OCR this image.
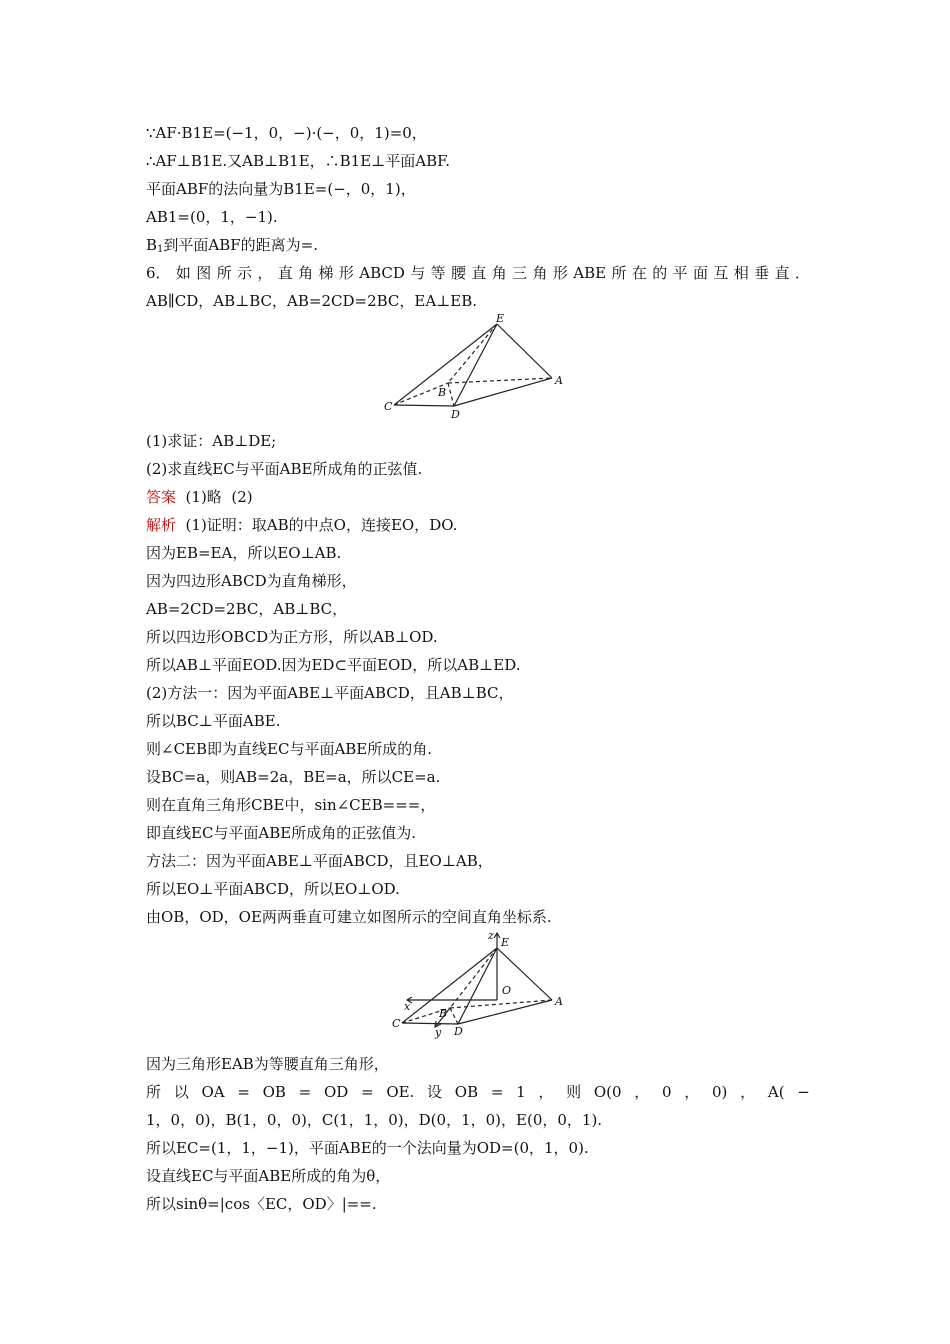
∵AF·B1E=(−1，0，−)·(−，0，1)=0，
∴AF⊥B1E.又AB⊥B1E，∴B1E⊥平面ABF.
平面ABF的法向量为B1E=(−，0，1)，
AB1=(0，1，−1).
$B_1$到平面ABF的距离为=.
6． 如 图 所 示 ， 直 角 梯 形 ABCD 与 等 腰 直 角 三 角 形 ABE 所 在 的 平 面 互 相 垂 直 ．
AB∥CD，AB⊥BC，AB=2CD=2BC，EA⊥EB.
E
A
B
C
D
(1)求证：AB⊥DE;
(2)求直线EC与平面ABE所成角的正弦值.
答案  (1)略  (2)
解析  (1)证明：取AB的中点O，连接EO，DO.
因为EB=EA，所以EO⊥AB.
因为四边形ABCD为直角梯形，
AB=2CD=2BC，AB⊥BC，
所以四边形OBCD为正方形，所以AB⊥OD.
所以AB⊥平面EOD.因为ED⊂平面EOD，所以AB⊥ED.
(2)方法一：因为平面ABE⊥平面ABCD，且AB⊥BC，
所以BC⊥平面ABE.
则∠CEB即为直线EC与平面ABE所成的角.
设BC=a，则AB=2a，BE=a，所以CE=a.
则在直角三角形CBE中，sin∠CEB===，
即直线EC与平面ABE所成角的正弦值为.
方法二：因为平面ABE⊥平面ABCD，且EO⊥AB，
所以EO⊥平面ABCD，所以EO⊥OD.
由OB，OD，OE两两垂直可建立如图所示的空间直角坐标系.
z
E
O
A
x
B
C
D
y
因为三角形EAB为等腰直角三角形，
所 以 OA = OB = OD = OE. 设 OB = 1 ， 则 O(0 ， 0 ， 0) ， A( −
1，0，0)，B(1，0，0)，C(1，1，0)，D(0，1，0)，E(0，0，1).
所以EC=(1，1，−1)，平面ABE的一个法向量为OD=(0，1，0).
设直线EC与平面ABE所成的角为θ，
所以sinθ=|cos〈EC，OD〉|==.
